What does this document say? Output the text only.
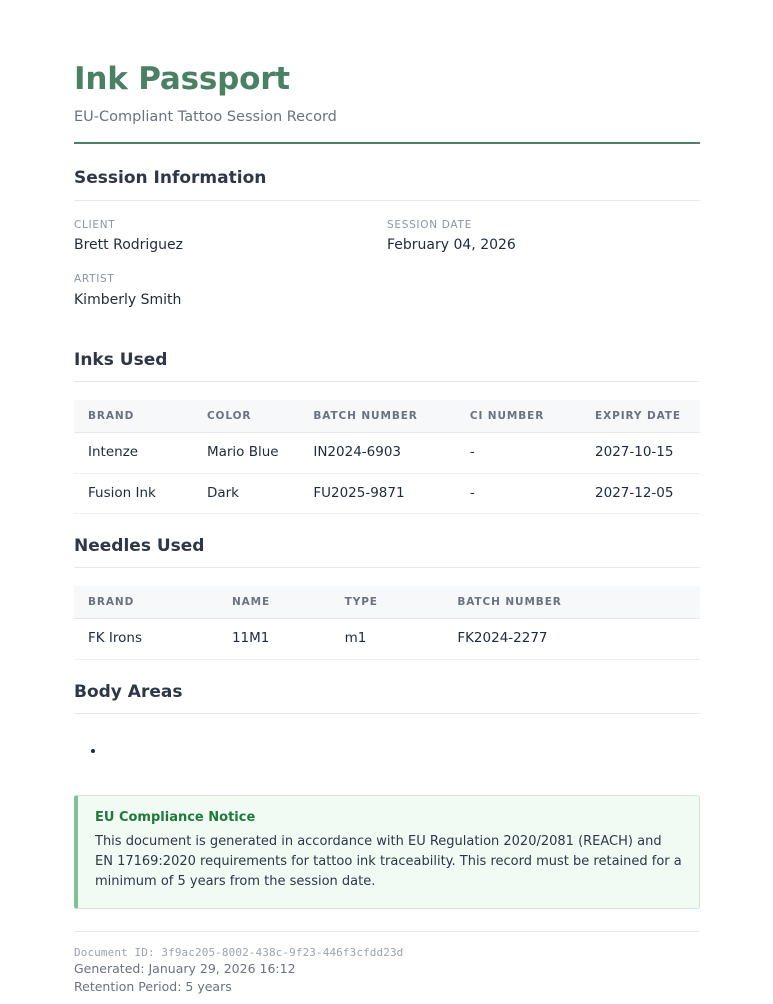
Ink Passport
EU-Compliant Tattoo Session Record
Session Information
CLIENT
Brett Rodriguez
SESSION DATE
February 04, 2026
ARTIST
Kimberly Smith
Inks Used
BRAND	COLOR	BATCH NUMBER	CI NUMBER	EXPIRY DATE
Intenze	Mario Blue	IN2024-6903	-	2027-10-15
Fusion Ink	Dark	FU2025-9871	-	2027-12-05
Needles Used
BRAND	NAME	TYPE	BATCH NUMBER
FK Irons	11M1	m1	FK2024-2277
Body Areas
EU Compliance Notice

This document is generated in accordance with EU Regulation 2020/2081 (REACH) and EN 17169:2020 requirements for tattoo ink traceability. This record must be retained for a minimum of 5 years from the session date.

Document ID: 3f9ac205-8002-438c-9f23-446f3cfdd23d
Generated: January 29, 2026 16:12
Retention Period: 5 years
